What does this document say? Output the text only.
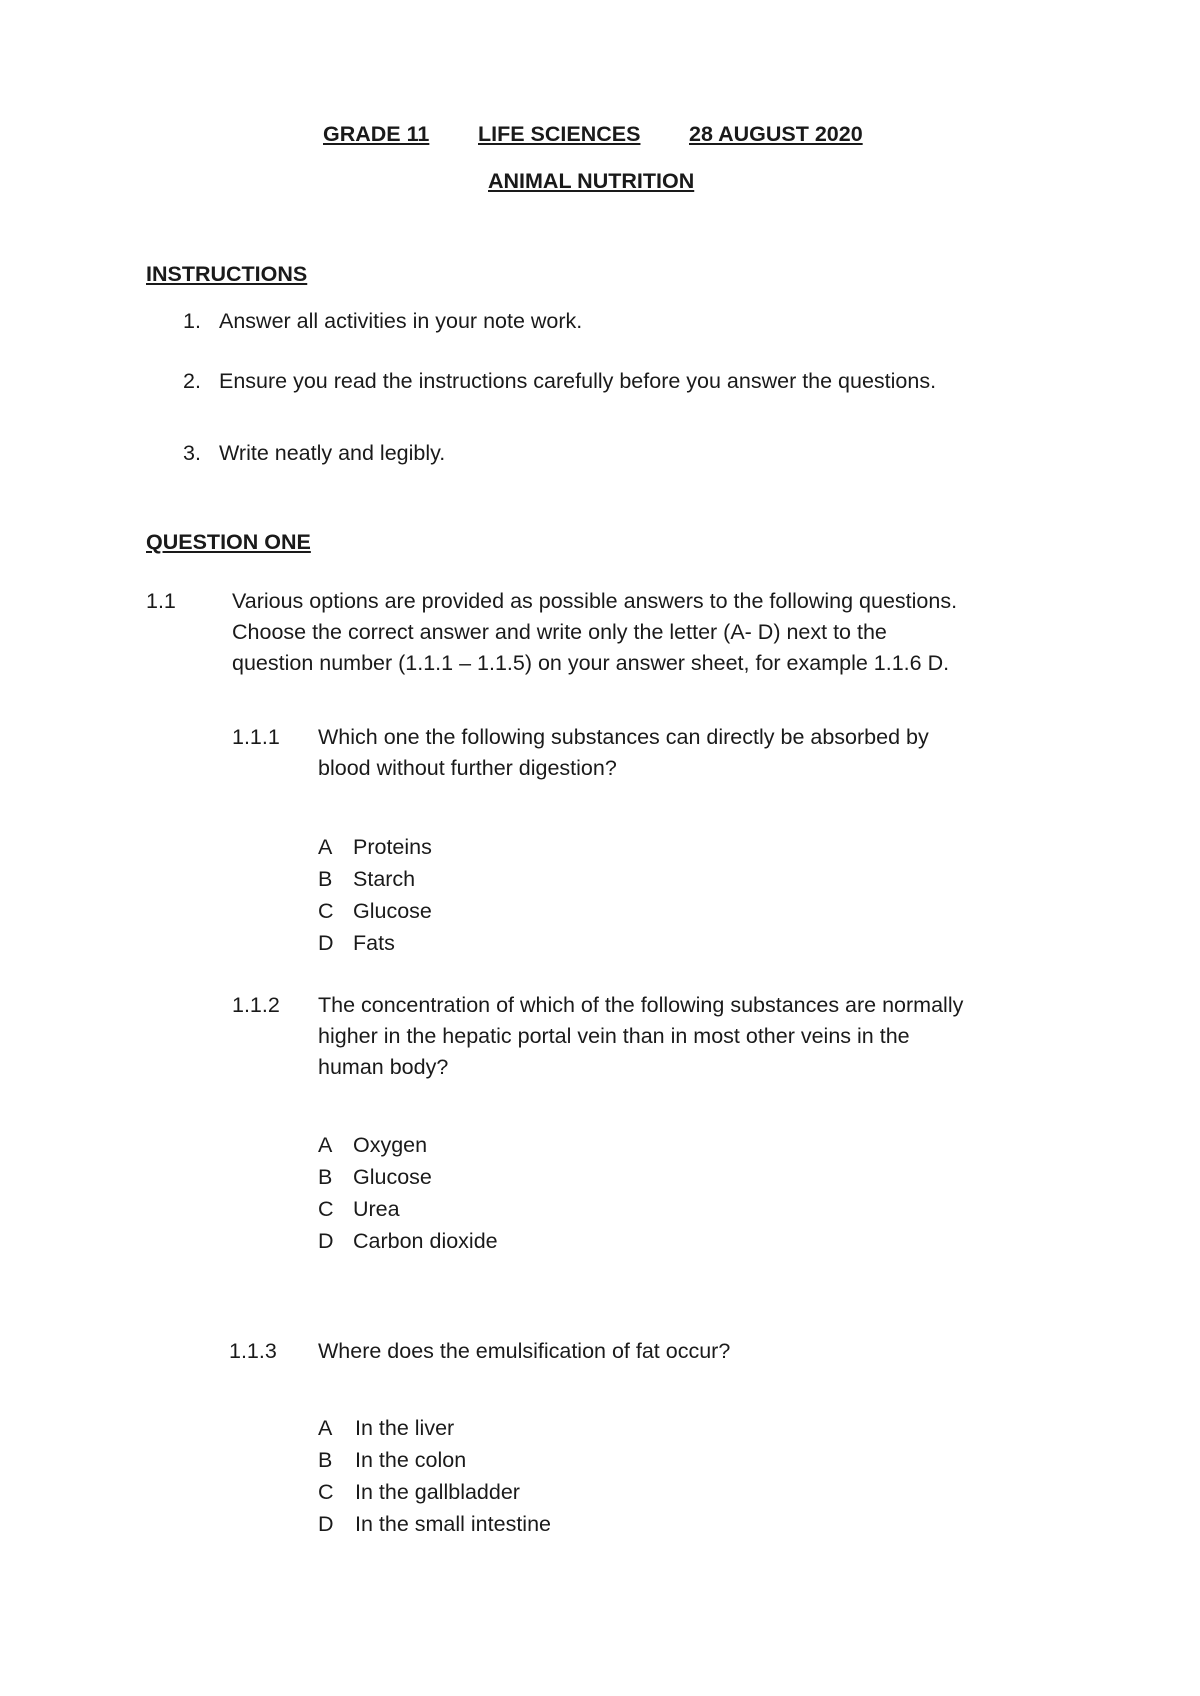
GRADE 11 LIFE SCIENCES 28 AUGUST 2020
ANIMAL NUTRITION
INSTRUCTIONS
1. Answer all activities in your note work.
2. Ensure you read the instructions carefully before you answer the questions.
3. Write neatly and legibly.
QUESTION ONE
1.1	Various options are provided as possible answers to the following questions.
Choose the correct answer and write only the letter (A- D) next to the
question number (1.1.1 – 1.1.5) on your answer sheet, for example 1.1.6 D.
1.1.1 Which one the following substances can directly be absorbed by
blood without further digestion?
A Proteins
B Starch
C Glucose
D Fats
1.1.2 The concentration of which of the following substances are normally
higher in the hepatic portal vein than in most other veins in the
human body?
A Oxygen
B Glucose
C Urea
D Carbon dioxide
1.1.3 Where does the emulsification of fat occur?
A In the liver
B In the colon
C In the gallbladder
D In the small intestine
